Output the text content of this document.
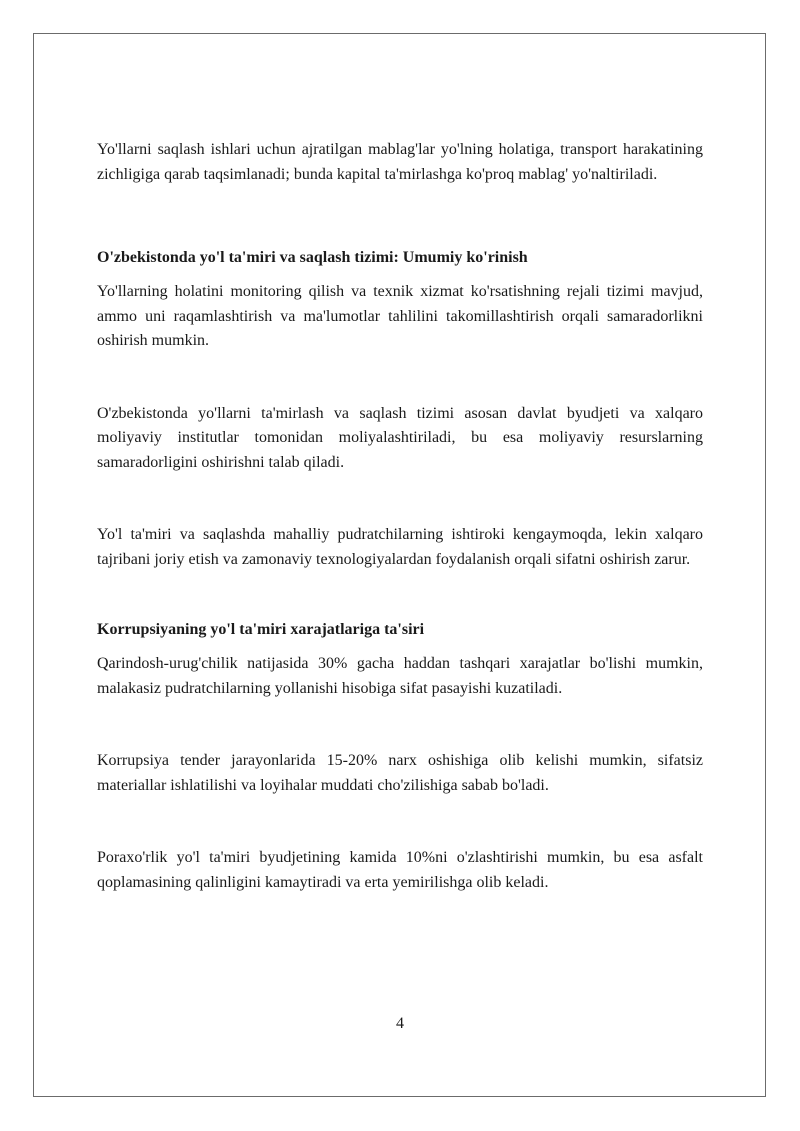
Yo'llarni saqlash ishlari uchun ajratilgan mablag'lar yo'lning holatiga, transport harakatining zichligiga qarab taqsimlanadi; bunda kapital ta'mirlashga ko'proq mablag' yo'naltiriladi.

O'zbekistonda yo'l ta'miri va saqlash tizimi: Umumiy ko'rinish

Yo'llarning holatini monitoring qilish va texnik xizmat ko'rsatishning rejali tizimi mavjud, ammo uni raqamlashtirish va ma'lumotlar tahlilini takomillashtirish orqali samaradorlikni oshirish mumkin.

O'zbekistonda yo'llarni ta'mirlash va saqlash tizimi asosan davlat byudjeti va xalqaro moliyaviy institutlar tomonidan moliyalashtiriladi, bu esa moliyaviy resurslarning samaradorligini oshirishni talab qiladi.

Yo'l ta'miri va saqlashda mahalliy pudratchilarning ishtiroki kengaymoqda, lekin xalqaro tajribani joriy etish va zamonaviy texnologiyalardan foydalanish orqali sifatni oshirish zarur.

Korrupsiyaning yo'l ta'miri xarajatlariga ta'siri

Qarindosh-urug'chilik natijasida 30% gacha haddan tashqari xarajatlar bo'lishi mumkin, malakasiz pudratchilarning yollanishi hisobiga sifat pasayishi kuzatiladi.

Korrupsiya tender jarayonlarida 15-20% narx oshishiga olib kelishi mumkin, sifatsiz materiallar ishlatilishi va loyihalar muddati cho'zilishiga sabab bo'ladi.

Poraxo'rlik yo'l ta'miri byudjetining kamida 10%ni o'zlashtirishi mumkin, bu esa asfalt qoplamasining qalinligini kamaytiradi va erta yemirilishga olib keladi.

4
